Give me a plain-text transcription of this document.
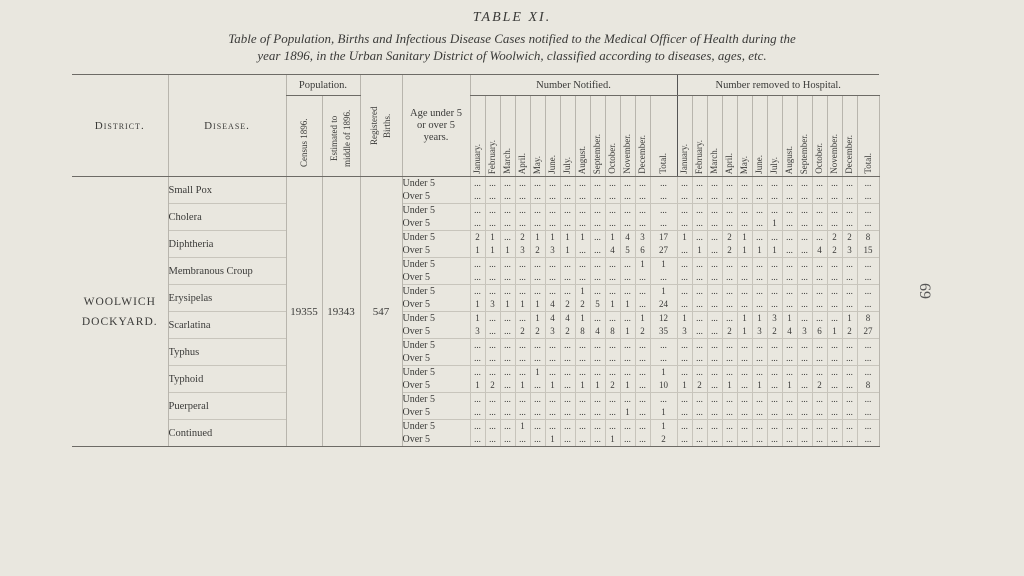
TABLE XI.
Table of Population, Births and Infectious Disease Cases notified to the Medical Officer of Health during the
year 1896, in the Urban Sanitary District of Woolwich, classified according to diseases, ages, etc.
69
District.	Disease.	Population.		Registered Births.	Age under 5 or over 5 years.	Number Notified.													Number removed to Hospital.												
		Census 1896.	Estimated to middle of 1896.			January.	February.	March.	April.	May.	June.	July.	August.	September.	October.	November.	December.	Total.	January.	February.	March.	April.	May.	June.	July.	August.	September.	October.	November.	December.	Total.

WOOLWICH
DOCKYARD.	Small Pox	19355	19343	547	Under 5	...	...	...	...	...	...	...	...	...	...	...	...	...	...	...	...	...	...	...	...	...	...	...	...	...	...
					Over 5	...	...	...	...	...	...	...	...	...	...	...	...	...	...	...	...	...	...	...	...	...	...	...	...	...	...
	Cholera				Under 5	...	...	...	...	...	...	...	...	...	...	...	...	...	...	...	...	...	...	...	...	...	...	...	...	...	...
					Over 5	...	...	...	...	...	...	...	...	...	...	...	...	...	...	...	...	...	...	...	1	...	...	...	...	...	...
	Diphtheria				Under 5	2	1	...	2	1	1	1	1	...	1	4	3	17	1	...	...	2	1	...	...	...	...	...	2	2	8
					Over 5	1	1	1	3	2	3	1	...	...	4	5	6	27	...	1	...	2	1	1	1	...	...	4	2	3	15
	Membranous Croup				Under 5	...	...	...	...	...	...	...	...	...	...	...	1	1	...	...	...	...	...	...	...	...	...	...	...	...	...
					Over 5	...	...	...	...	...	...	...	...	...	...	...	...	...	...	...	...	...	...	...	...	...	...	...	...	...	...
	Erysipelas				Under 5	...	...	...	...	...	...	...	1	...	...	...	...	1	...	...	...	...	...	...	...	...	...	...	...	...	...
					Over 5	1	3	1	1	1	4	2	2	5	1	1	...	24	...	...	...	...	...	...	...	...	...	...	...	...	...
	Scarlatina				Under 5	1	...	...	...	1	4	4	1	...	...	...	1	12	1	...	...	...	1	1	3	1	...	...	...	1	8
					Over 5	3	...	...	2	2	3	2	8	4	8	1	2	35	3	...	...	2	1	3	2	4	3	6	1	2	27
	Typhus				Under 5	...	...	...	...	...	...	...	...	...	...	...	...	...	...	...	...	...	...	...	...	...	...	...	...	...	...
					Over 5	...	...	...	...	...	...	...	...	...	...	...	...	...	...	...	...	...	...	...	...	...	...	...	...	...	...
	Typhoid				Under 5	...	...	...	...	1	...	...	...	...	...	...	...	1	...	...	...	...	...	...	...	...	...	...	...	...	...
					Over 5	1	2	...	1	...	1	...	1	1	2	1	...	10	1	2	...	1	...	1	...	1	...	2	...	...	8
	Puerperal				Under 5	...	...	...	...	...	...	...	...	...	...	...	...	...	...	...	...	...	...	...	...	...	...	...	...	...	...
					Over 5	...	...	...	...	...	...	...	...	...	...	1	...	1	...	...	...	...	...	...	...	...	...	...	...	...	...
	Continued				Under 5	...	...	...	1	...	...	...	...	...	...	...	...	1	...	...	...	...	...	...	...	...	...	...	...	...	...
					Over 5	...	...	...	...	...	1	...	...	...	1	...	...	2	...	...	...	...	...	...	...	...	...	...	...	...	...
